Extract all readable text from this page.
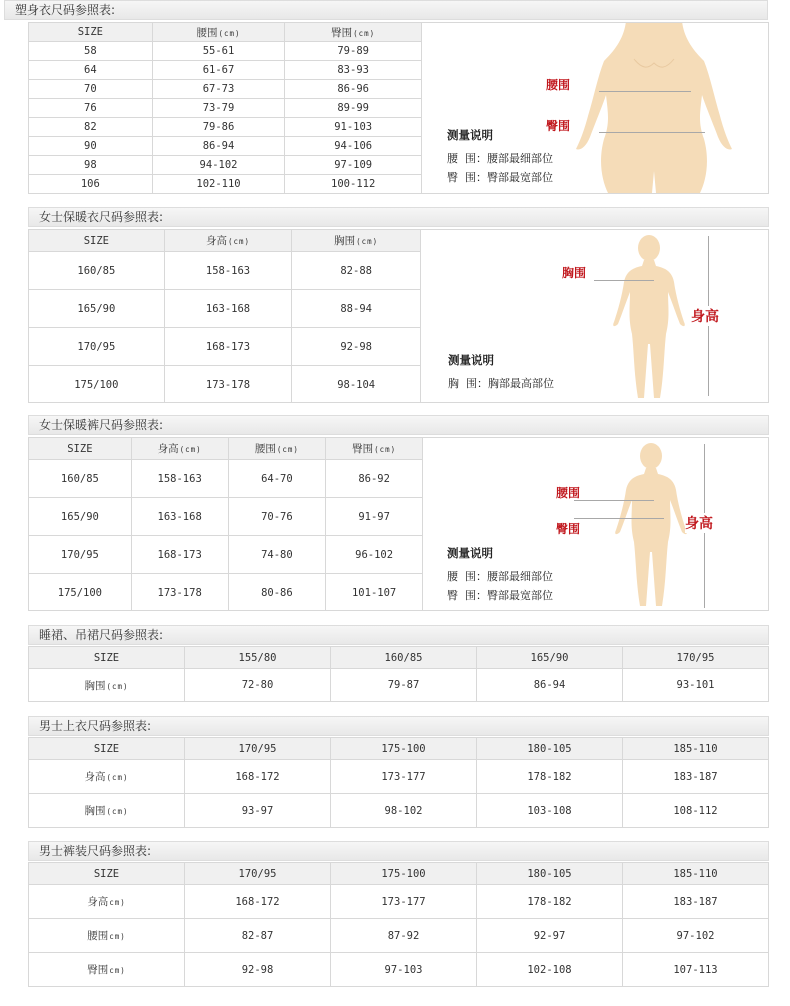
塑身衣尺码参照表:
SIZE	腰围(cm)	臀围(cm)
58	55-61	79-89
64	61-67	83-93
70	67-73	86-96
76	73-79	89-99
82	79-86	91-103
90	86-94	94-106
98	94-102	97-109
106	102-110	100-112
腰围
臀围
测量说明
腰  围：腰部最细部位
臀  围：臀部最宽部位
女士保暖衣尺码参照表:
SIZE	身高(cm)	胸围(cm)
160/85	158-163	82-88
165/90	163-168	88-94
170/95	168-173	92-98
175/100	173-178	98-104
胸围
身高
测量说明
胸  围：胸部最高部位
女士保暖裤尺码参照表:
SIZE	身高(cm)	腰围(cm)	臀围(cm)
160/85	158-163	64-70	86-92
165/90	163-168	70-76	91-97
170/95	168-173	74-80	96-102
175/100	173-178	80-86	101-107
腰围
臀围	身高
测量说明
腰  围：腰部最细部位
臀  围：臀部最宽部位
睡裙、吊裙尺码参照表:
SIZE	155/80	160/85	165/90	170/95
胸围(cm)	72-80	79-87	86-94	93-101
男士上衣尺码参照表:
SIZE	170/95	175-100	180-105	185-110
身高(cm)	168-172	173-177	178-182	183-187
胸围(cm)	93-97	98-102	103-108	108-112
男士裤装尺码参照表:
SIZE	170/95	175-100	180-105	185-110
身高cm)	168-172	173-177	178-182	183-187
腰围cm)	82-87	87-92	92-97	97-102
臀围cm)	92-98	97-103	102-108	107-113
